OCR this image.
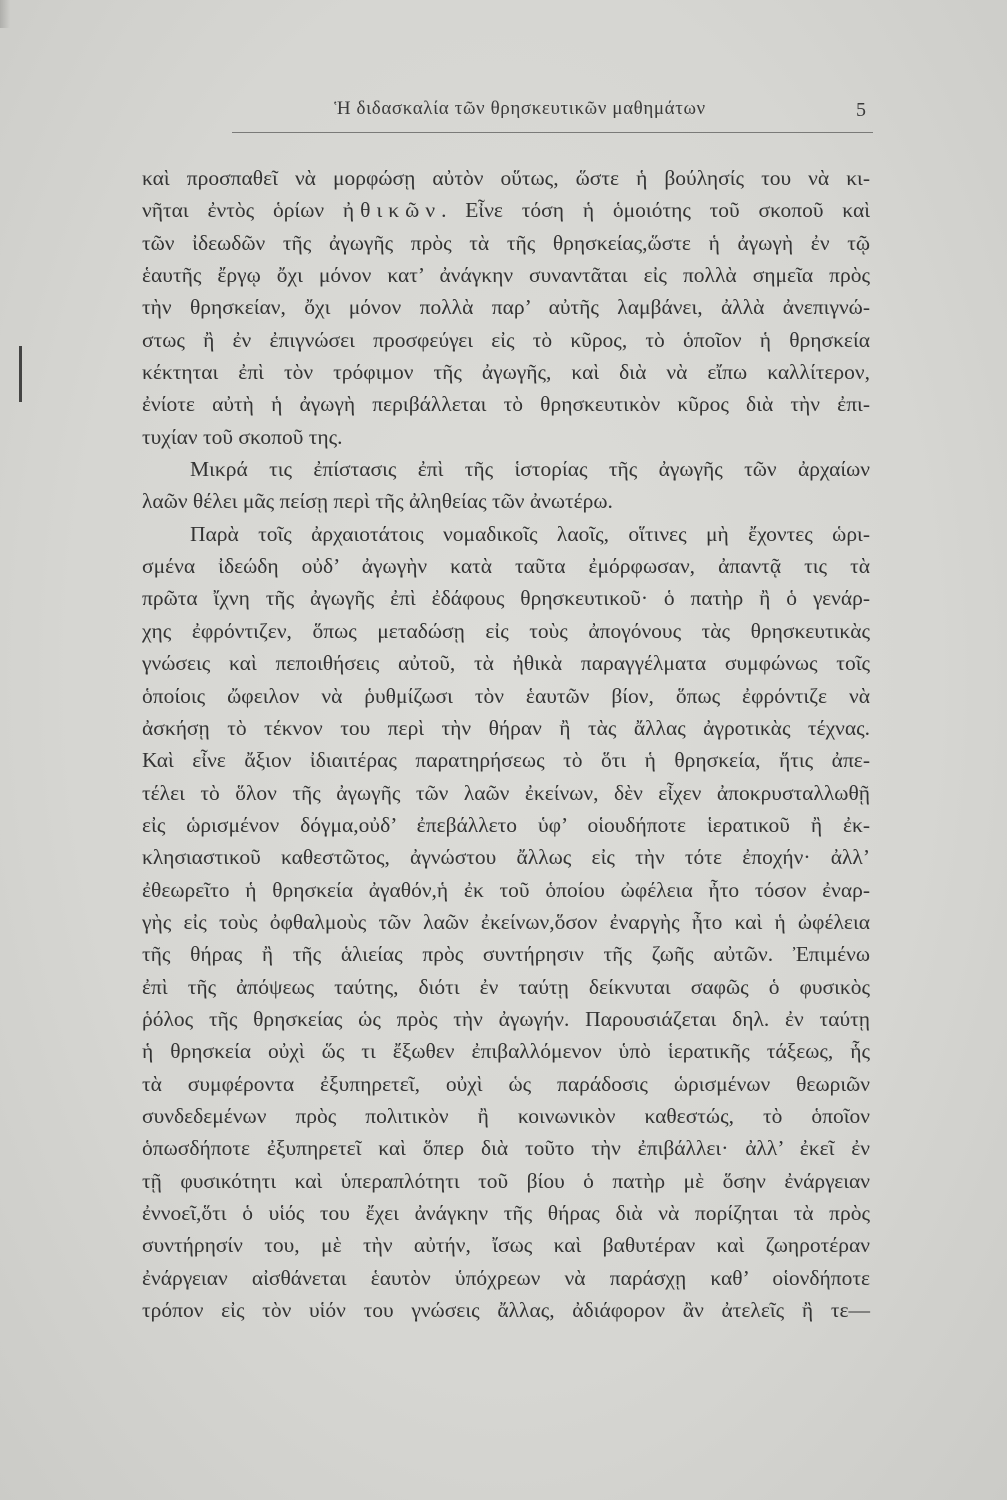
Ἡ διδασκαλία τῶν θρησκευτικῶν μαθημάτων	5
καὶ προσπαθεῖ νὰ μορφώσῃ αὐτὸν οὕτως, ὥστε ἡ βούλησίς του νὰ κι-
νῆται ἐντὸς ὁρίων ἠθικῶν. Εἶνε τόση ἡ ὁμοιότης τοῦ σκοποῦ καὶ
τῶν ἰδεωδῶν τῆς ἀγωγῆς πρὸς τὰ τῆς θρησκείας,ὥστε ἡ ἀγωγὴ ἐν τῷ
ἑαυτῆς ἔργῳ ὄχι μόνον κατ’ ἀνάγκην συναντᾶται εἰς πολλὰ σημεῖα πρὸς
τὴν θρησκείαν, ὄχι μόνον πολλὰ παρ’ αὐτῆς λαμβάνει, ἀλλὰ ἀνεπιγνώ-
στως ἢ ἐν ἐπιγνώσει προσφεύγει εἰς τὸ κῦρος, τὸ ὁποῖον ἡ θρησκεία
κέκτηται ἐπὶ τὸν τρόφιμον τῆς ἀγωγῆς, καὶ διὰ νὰ εἴπω καλλίτερον,
ἐνίοτε αὐτὴ ἡ ἀγωγὴ περιβάλλεται τὸ θρησκευτικὸν κῦρος διὰ τὴν ἐπι-
τυχίαν τοῦ σκοποῦ της.
Μικρά τις ἐπίστασις ἐπὶ τῆς ἱστορίας τῆς ἀγωγῆς τῶν ἀρχαίων
λαῶν θέλει μᾶς πείσῃ περὶ τῆς ἀληθείας τῶν ἀνωτέρω.
Παρὰ τοῖς ἀρχαιοτάτοις νομαδικοῖς λαοῖς, οἵτινες μὴ ἔχοντες ὡρι-
σμένα ἰδεώδη οὐδ’ ἀγωγὴν κατὰ ταῦτα ἐμόρφωσαν, ἀπαντᾷ τις τὰ
πρῶτα ἴχνη τῆς ἀγωγῆς ἐπὶ ἐδάφους θρησκευτικοῦ· ὁ πατὴρ ἢ ὁ γενάρ-
χης ἐφρόντιζεν, ὅπως μεταδώσῃ εἰς τοὺς ἀπογόνους τὰς θρησκευτικὰς
γνώσεις καὶ πεποιθήσεις αὐτοῦ, τὰ ἠθικὰ παραγγέλματα συμφώνως τοῖς
ὁποίοις ὤφειλον νὰ ῥυθμίζωσι τὸν ἑαυτῶν βίον, ὅπως ἐφρόντιζε νὰ
ἀσκήσῃ τὸ τέκνον του περὶ τὴν θήραν ἢ τὰς ἄλλας ἀγροτικὰς τέχνας.
Καὶ εἶνε ἄξιον ἰδιαιτέρας παρατηρήσεως τὸ ὅτι ἡ θρησκεία, ἥτις ἀπε-
τέλει τὸ ὅλον τῆς ἀγωγῆς τῶν λαῶν ἐκείνων, δὲν εἶχεν ἀποκρυσταλλωθῇ
εἰς ὡρισμένον δόγμα,οὐδ’ ἐπεβάλλετο ὑφ’ οἱουδήποτε ἱερατικοῦ ἢ ἐκ-
κλησιαστικοῦ καθεστῶτος, ἀγνώστου ἄλλως εἰς τὴν τότε ἐποχήν· ἀλλ’
ἐθεωρεῖτο ἡ θρησκεία ἀγαθόν,ἡ ἐκ τοῦ ὁποίου ὠφέλεια ἦτο τόσον ἐναρ-
γὴς εἰς τοὺς ὀφθαλμοὺς τῶν λαῶν ἐκείνων,ὅσον ἐναργὴς ἦτο καὶ ἡ ὠφέλεια
τῆς θήρας ἢ τῆς ἁλιείας πρὸς συντήρησιν τῆς ζωῆς αὐτῶν. Ἐπιμένω
ἐπὶ τῆς ἀπόψεως ταύτης, διότι ἐν ταύτῃ δείκνυται σαφῶς ὁ φυσικὸς
ῥόλος τῆς θρησκείας ὡς πρὸς τὴν ἀγωγήν. Παρουσιάζεται δηλ. ἐν ταύτῃ
ἡ θρησκεία οὐχὶ ὥς τι ἔξωθεν ἐπιβαλλόμενον ὑπὸ ἱερατικῆς τάξεως, ἧς
τὰ συμφέροντα ἐξυπηρετεῖ, οὐχὶ ὡς παράδοσις ὡρισμένων θεωριῶν
συνδεδεμένων πρὸς πολιτικὸν ἢ κοινωνικὸν καθεστώς, τὸ ὁποῖον
ὁπωσδήποτε ἐξυπηρετεῖ καὶ ὅπερ διὰ τοῦτο τὴν ἐπιβάλλει· ἀλλ’ ἐκεῖ ἐν
τῇ φυσικότητι καὶ ὑπεραπλότητι τοῦ βίου ὁ πατὴρ μὲ ὅσην ἐνάργειαν
ἐννοεῖ,ὅτι ὁ υἱός του ἔχει ἀνάγκην τῆς θήρας διὰ νὰ πορίζηται τὰ πρὸς
συντήρησίν του, μὲ τὴν αὐτήν, ἴσως καὶ βαθυτέραν καὶ ζωηροτέραν
ἐνάργειαν αἰσθάνεται ἑαυτὸν ὑπόχρεων νὰ παράσχῃ καθ’ οἱονδήποτε
τρόπον εἰς τὸν υἱόν του γνώσεις ἄλλας, ἀδιάφορον ἂν ἀτελεῖς ἢ τε—
